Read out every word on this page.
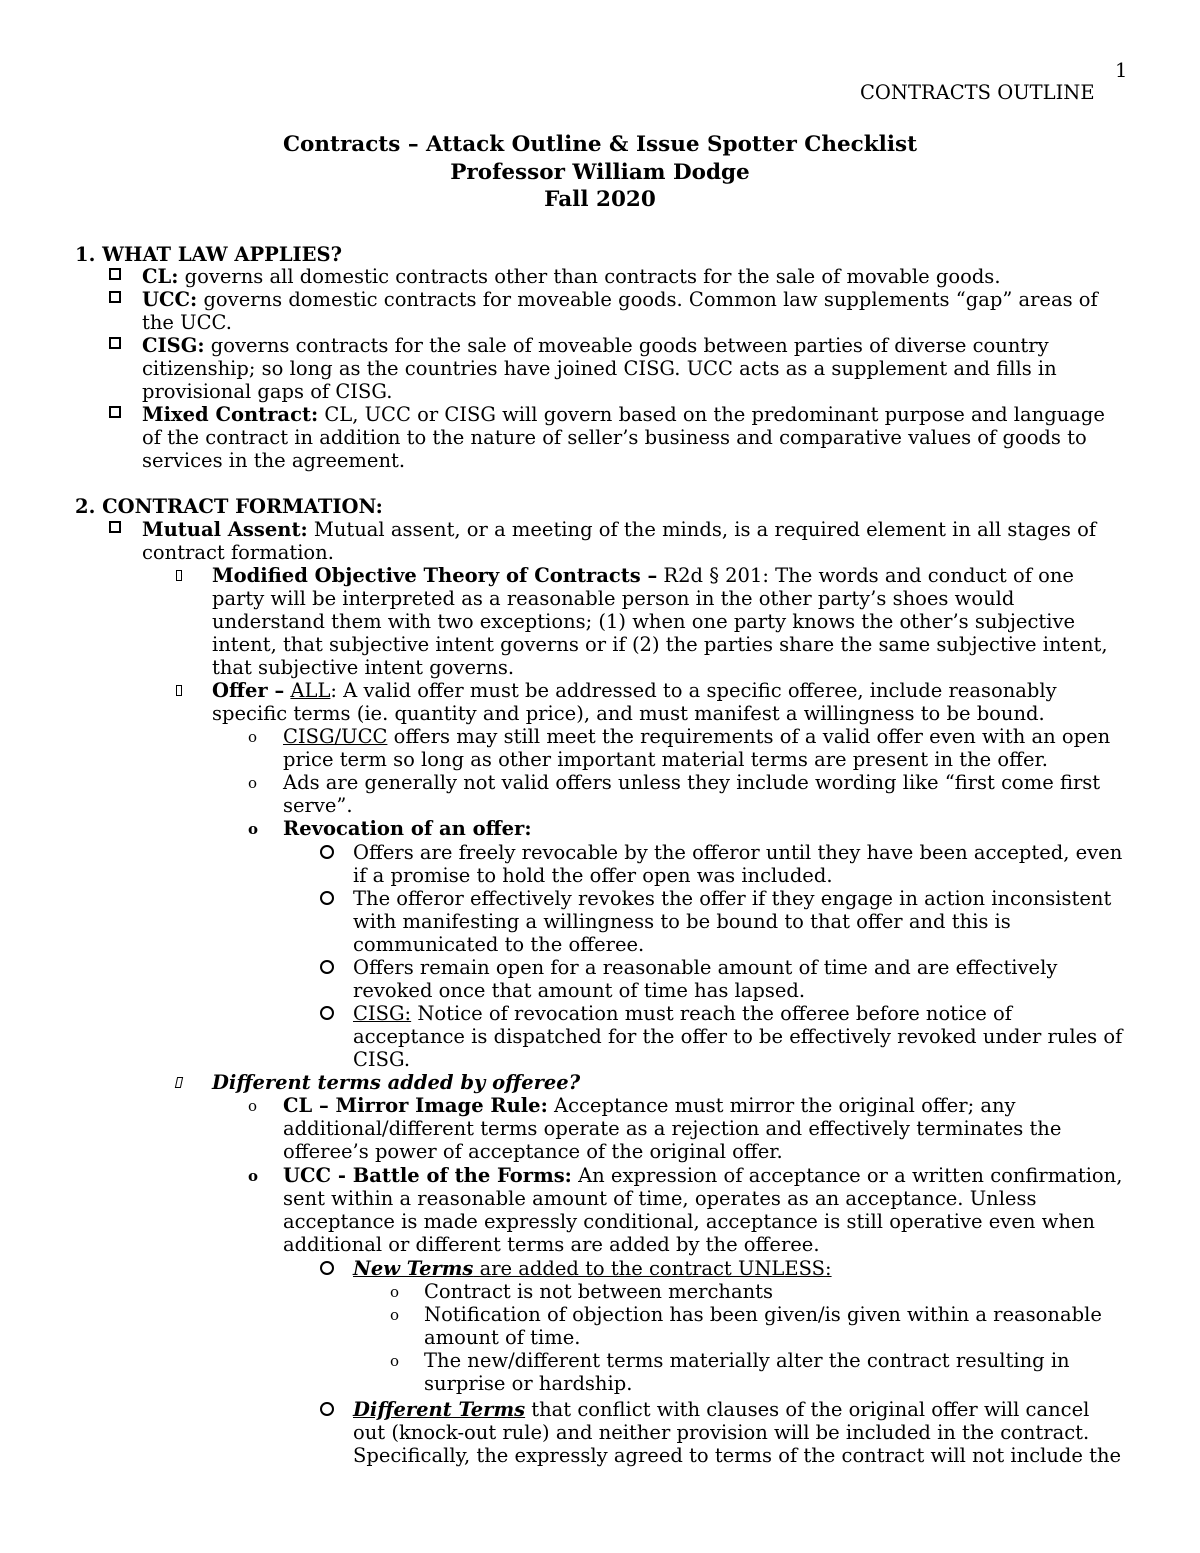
1
CONTRACTS OUTLINE
Contracts – Attack Outline & Issue Spotter Checklist
Professor William Dodge
Fall 2020
1. WHAT LAW APPLIES?
CL: governs all domestic contracts other than contracts for the sale of movable goods.
UCC: governs domestic contracts for moveable goods. Common law supplements “gap” areas of
the UCC.
CISG: governs contracts for the sale of moveable goods between parties of diverse country
citizenship; so long as the countries have joined CISG. UCC acts as a supplement and fills in
provisional gaps of CISG.
Mixed Contract: CL, UCC or CISG will govern based on the predominant purpose and language
of the contract in addition to the nature of seller’s business and comparative values of goods to
services in the agreement.
2. CONTRACT FORMATION:
Mutual Assent: Mutual assent, or a meeting of the minds, is a required element in all stages of
contract formation.
Modified Objective Theory of Contracts – R2d § 201: The words and conduct of one
party will be interpreted as a reasonable person in the other party’s shoes would
understand them with two exceptions; (1) when one party knows the other’s subjective
intent, that subjective intent governs or if (2) the parties share the same subjective intent,
that subjective intent governs.
Offer – ALL: A valid offer must be addressed to a specific offeree, include reasonably
specific terms (ie. quantity and price), and must manifest a willingness to be bound.
o CISG/UCC offers may still meet the requirements of a valid offer even with an open
price term so long as other important material terms are present in the offer.
o Ads are generally not valid offers unless they include wording like “first come first
serve”.
o Revocation of an offer:
Offers are freely revocable by the offeror until they have been accepted, even
if a promise to hold the offer open was included.
The offeror effectively revokes the offer if they engage in action inconsistent
with manifesting a willingness to be bound to that offer and this is
communicated to the offeree.
Offers remain open for a reasonable amount of time and are effectively
revoked once that amount of time has lapsed.
CISG: Notice of revocation must reach the offeree before notice of
acceptance is dispatched for the offer to be effectively revoked under rules of
CISG.
Different terms added by offeree?
o CL – Mirror Image Rule: Acceptance must mirror the original offer; any
additional/different terms operate as a rejection and effectively terminates the
offeree’s power of acceptance of the original offer.
o UCC - Battle of the Forms: An expression of acceptance or a written confirmation,
sent within a reasonable amount of time, operates as an acceptance. Unless
acceptance is made expressly conditional, acceptance is still operative even when
additional or different terms are added by the offeree.
New Terms are added to the contract UNLESS:
o Contract is not between merchants
o Notification of objection has been given/is given within a reasonable
amount of time.
o The new/different terms materially alter the contract resulting in
surprise or hardship.
Different Terms that conflict with clauses of the original offer will cancel
out (knock-out rule) and neither provision will be included in the contract.
Specifically, the expressly agreed to terms of the contract will not include the
